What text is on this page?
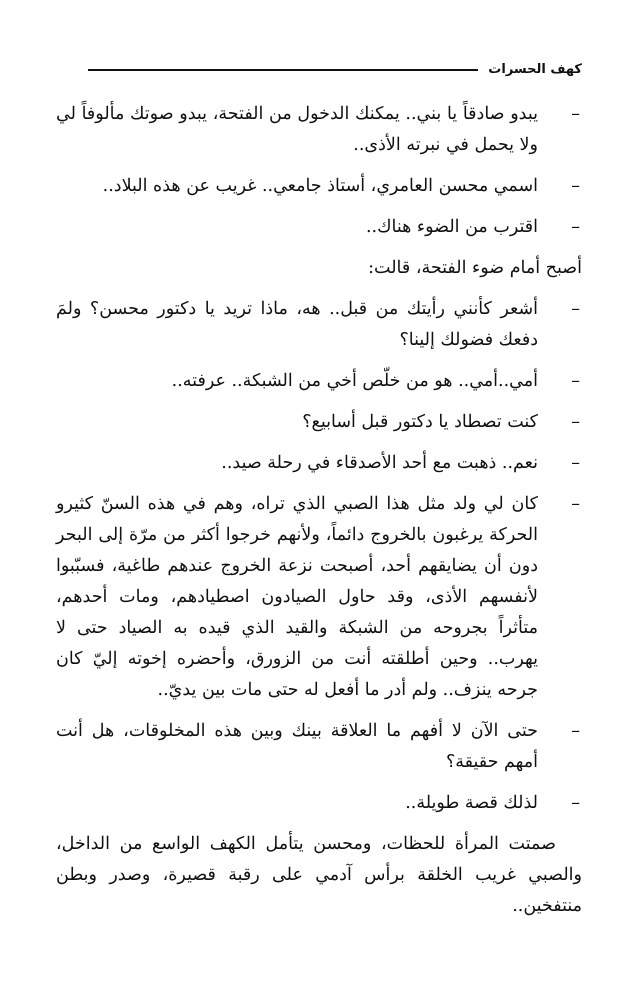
كهف الحسرات

–
يبدو صادقاً يا بني.. يمكنك الدخول من الفتحة، يبدو صوتك مألوفاً لي ولا يحمل في نبرته الأذى..

–
اسمي محسن العامري، أستاذ جامعي.. غريب عن هذه البلاد..

–
اقترب من الضوء هناك..

أصبح أمام ضوء الفتحة، قالت:

–
أشعر كأنني رأيتك من قبل.. هه، ماذا تريد يا دكتور محسن؟ ولمَ دفعك فضولك إلينا؟

–
أمي..أمي.. هو من خلّص أخي من الشبكة.. عرفته..

–
كنت تصطاد يا دكتور قبل أسابيع؟

–
نعم.. ذهبت مع أحد الأصدقاء في رحلة صيد..

–
كان لي ولد مثل هذا الصبي الذي تراه، وهم في هذه السنّ كثيرو الحركة يرغبون بالخروج دائماً، ولأنهم خرجوا أكثر من مرّة إلى البحر دون أن يضايقهم أحد، أصبحت نزعة الخروج عندهم طاغية، فسبّبوا لأنفسهم الأذى، وقد حاول الصيادون اصطيادهم، ومات أحدهم، متأثراً بجروحه من الشبكة والقيد الذي قيده به الصياد حتى لا يهرب.. وحين أطلقته أنت من الزورق، وأحضره إخوته إليّ كان جرحه ينزف.. ولم أدر ما أفعل له حتى مات بين يديّ..

–
حتى الآن لا أفهم ما العلاقة بينك وبين هذه المخلوقات، هل أنت أمهم حقيقة؟

–
لذلك قصة طويلة..

صمتت المرأة للحظات، ومحسن يتأمل الكهف الواسع من الداخل، والصبي غريب الخلقة برأس آدمي على رقبة قصيرة، وصدر وبطن منتفخين..
